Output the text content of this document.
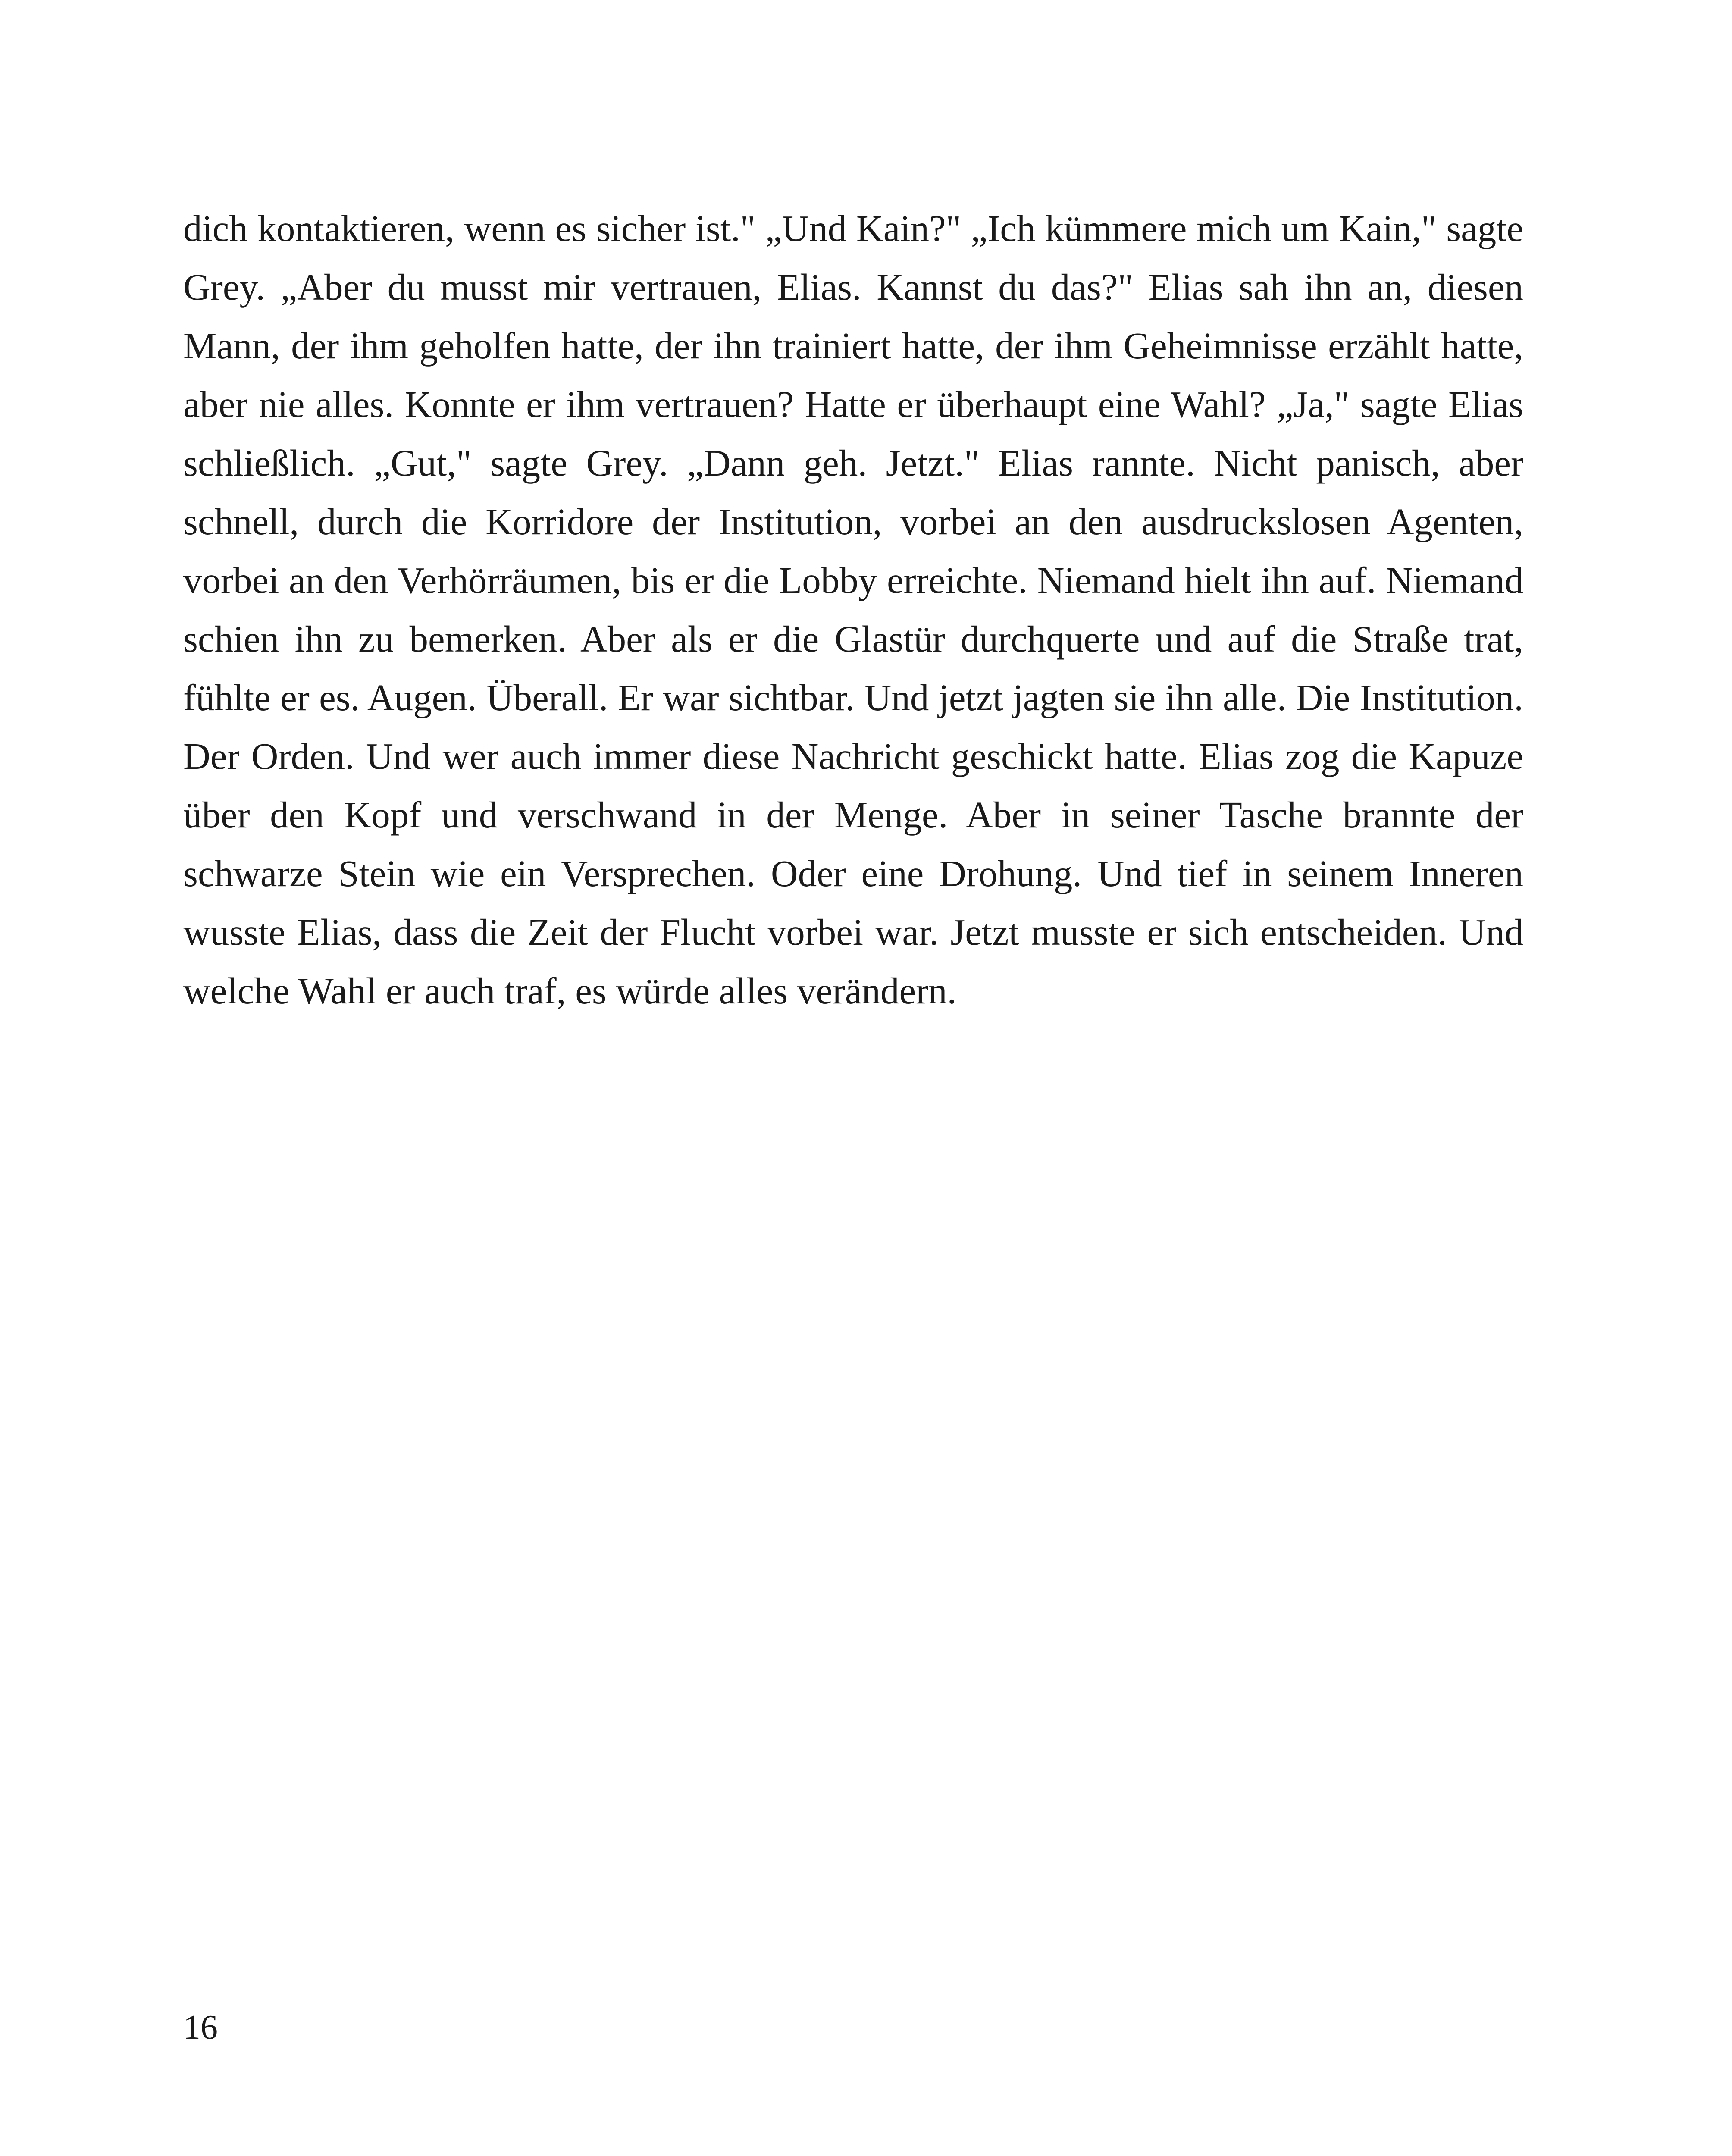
dich kontaktieren, wenn es sicher ist." „Und Kain?" „Ich kümmere mich um Kain," sagte Grey. „Aber du musst mir vertrauen, Elias. Kannst du das?" Elias sah ihn an, diesen Mann, der ihm geholfen hatte, der ihn trainiert hatte, der ihm Geheimnisse erzählt hatte, aber nie alles. Konnte er ihm vertrauen? Hatte er überhaupt eine Wahl? „Ja," sagte Elias schließlich. „Gut," sagte Grey. „Dann geh. Jetzt." Elias rannte. Nicht panisch, aber schnell, durch die Korridore der Institution, vorbei an den ausdruckslosen Agenten, vorbei an den Verhörräumen, bis er die Lobby erreichte. Niemand hielt ihn auf. Niemand schien ihn zu bemerken. Aber als er die Glastür durchquerte und auf die Straße trat, fühlte er es. Augen. Überall. Er war sichtbar. Und jetzt jagten sie ihn alle. Die Institution. Der Orden. Und wer auch immer diese Nachricht geschickt hatte. Elias zog die Kapuze über den Kopf und verschwand in der Menge. Aber in seiner Tasche brannte der schwarze Stein wie ein Versprechen. Oder eine Drohung. Und tief in seinem Inneren wusste Elias, dass die Zeit der Flucht vorbei war. Jetzt musste er sich entscheiden. Und welche Wahl er auch traf, es würde alles verändern.

16
